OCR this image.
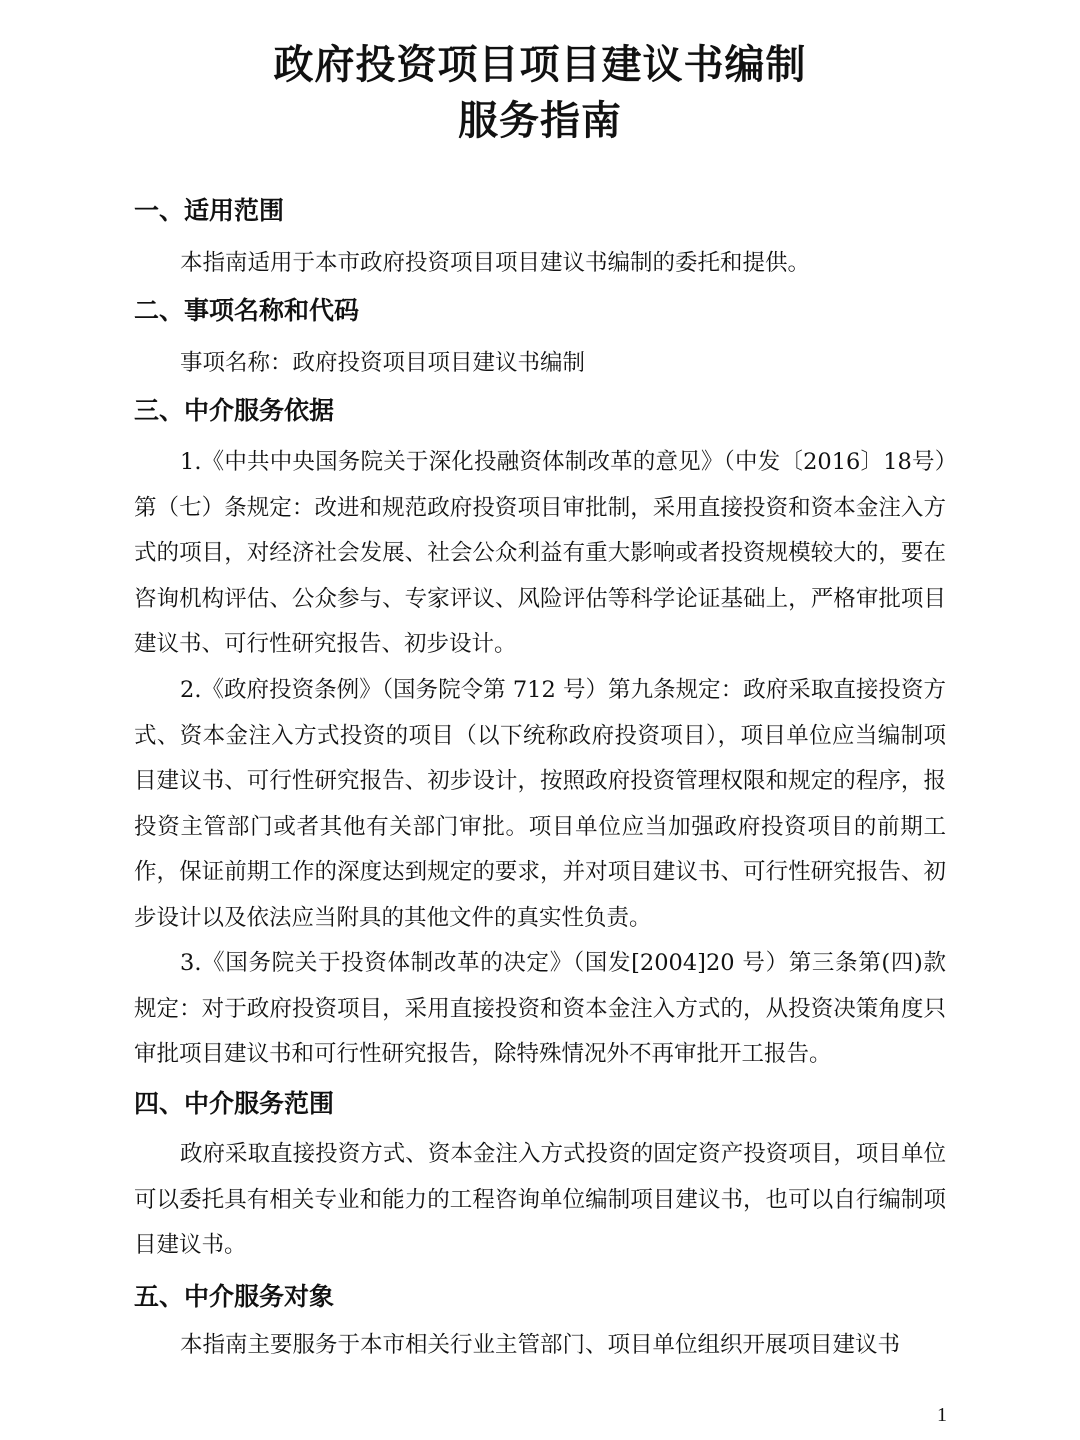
政府投资项目项目建议书编制
服务指南
一、适用范围

本指南适用于本市政府投资项目项目建议书编制的委托和提供。

二、事项名称和代码

事项名称：政府投资项目项目建议书编制

三、中介服务依据

1.《中共中央国务院关于深化投融资体制改革的意见》（中发〔2016〕18号）第（七）条规定：改进和规范政府投资项目审批制，采用直接投资和资本金注入方式的项目，对经济社会发展、社会公众利益有重大影响或者投资规模较大的，要在咨询机构评估、公众参与、专家评议、风险评估等科学论证基础上，严格审批项目建议书、可行性研究报告、初步设计。

2.《政府投资条例》（国务院令第 712 号）第九条规定：政府采取直接投资方式、资本金注入方式投资的项目（以下统称政府投资项目），项目单位应当编制项目建议书、可行性研究报告、初步设计，按照政府投资管理权限和规定的程序，报投资主管部门或者其他有关部门审批。项目单位应当加强政府投资项目的前期工作，保证前期工作的深度达到规定的要求，并对项目建议书、可行性研究报告、初步设计以及依法应当附具的其他文件的真实性负责。

3.《国务院关于投资体制改革的决定》（国发[2004]20 号）第三条第(四)款规定：对于政府投资项目，采用直接投资和资本金注入方式的，从投资决策角度只审批项目建议书和可行性研究报告，除特殊情况外不再审批开工报告。

四、中介服务范围

政府采取直接投资方式、资本金注入方式投资的固定资产投资项目，项目单位可以委托具有相关专业和能力的工程咨询单位编制项目建议书，也可以自行编制项目建议书。

五、中介服务对象

本指南主要服务于本市相关行业主管部门、项目单位组织开展项目建议书

1
